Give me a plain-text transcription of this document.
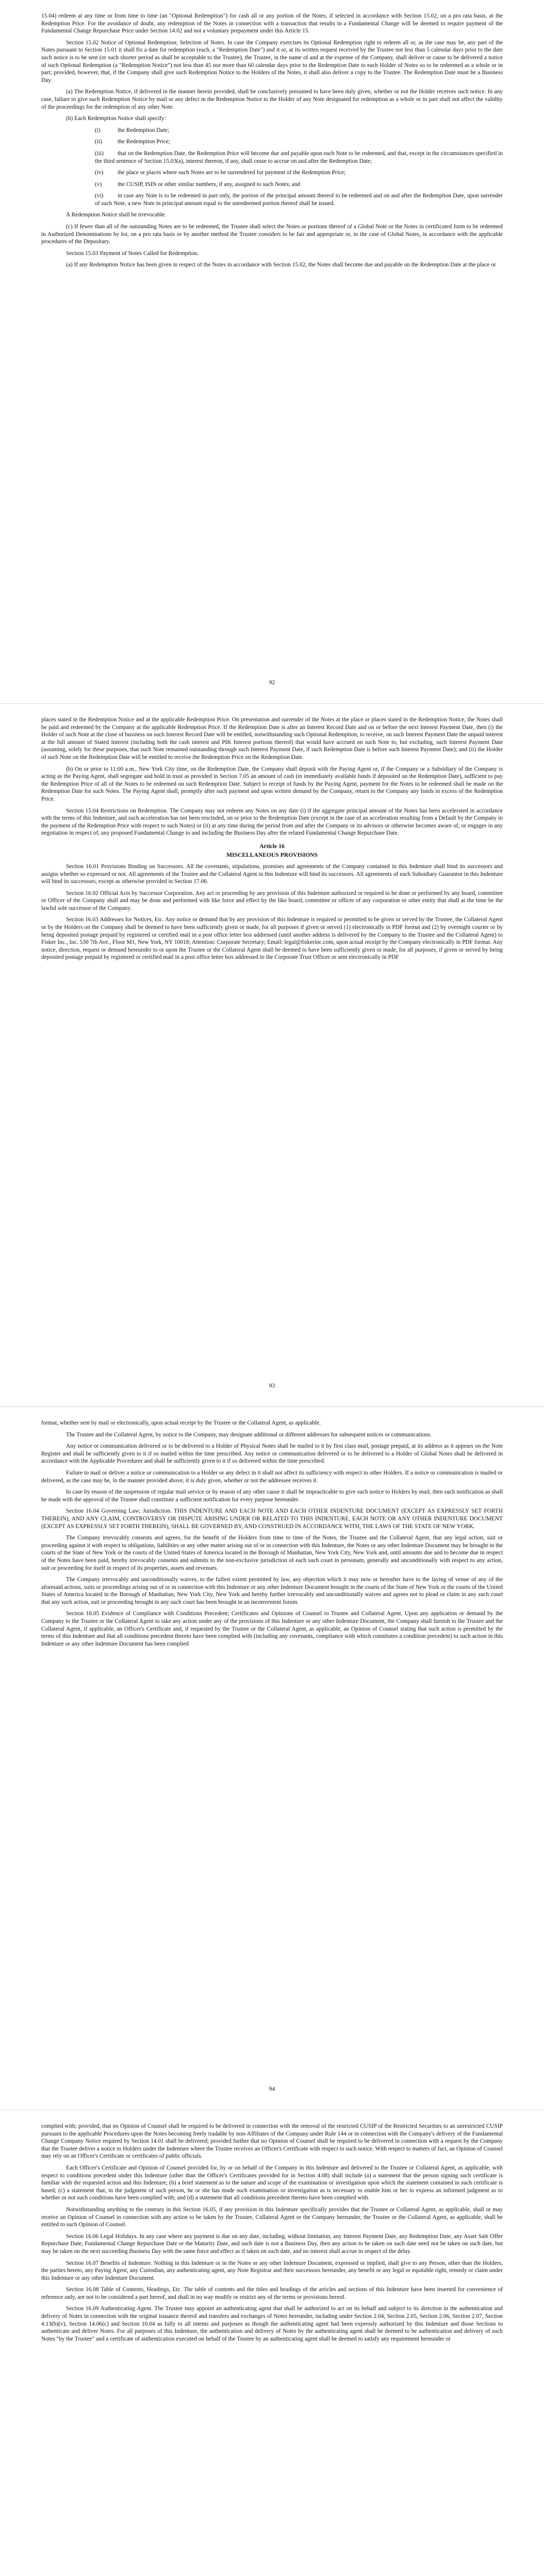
15.04) redeem at any time or from time to time (an "Optional Redemption") for cash all or any portion of the Notes, if selected in accordance with Section 15.02, on a pro rata basis, at the Redemption Price. For the avoidance of doubt, any redemption of the Notes in connection with a transaction that results in a Fundamental Change will be deemed to require payment of the Fundamental Change Repurchase Price under Section 14.02 and not a voluntary prepayment under this Article 15.

Section 15.02 Notice of Optional Redemption; Selection of Notes. In case the Company exercises its Optional Redemption right to redeem all or, as the case may be, any part of the Notes pursuant to Section 15.01 it shall fix a date for redemption (each, a "Redemption Date") and it or, at its written request received by the Trustee not less than 5 calendar days prior to the date such notice is to be sent (or such shorter period as shall be acceptable to the Trustee), the Trustee, in the name of and at the expense of the Company, shall deliver or cause to be delivered a notice of such Optional Redemption (a "Redemption Notice") not less than 45 nor more than 60 calendar days prior to the Redemption Date to each Holder of Notes so to be redeemed as a whole or in part; provided, however, that, if the Company shall give such Redemption Notice to the Holders of the Notes, it shall also deliver a copy to the Trustee. The Redemption Date must be a Business Day.

(a) The Redemption Notice, if delivered in the manner herein provided, shall be conclusively presumed to have been duly given, whether or not the Holder receives such notice. In any case, failure to give such Redemption Notice by mail or any defect in the Redemption Notice to the Holder of any Note designated for redemption as a whole or in part shall not affect the validity of the proceedings for the redemption of any other Note.

(b) Each Redemption Notice shall specify:

(i)	the Redemption Date;

(ii)	the Redemption Price;

(iii) that on the Redemption Date, the Redemption Price will become due and payable upon each Note to be redeemed, and that, except in the circumstances specified in the third sentence of Section 15.03(a), interest thereon, if any, shall cease to accrue on and after the Redemption Date;

(iv) the place or places where such Notes are to be surrendered for payment of the Redemption Price;

(v)	the CUSIP, ISIN or other similar numbers, if any, assigned to such Notes; and

(vi) in case any Note is to be redeemed in part only, the portion of the principal amount thereof to be redeemed and on and after the Redemption Date, upon surrender of such Note, a new Note in principal amount equal to the unredeemed portion thereof shall be issued.

A Redemption Notice shall be irrevocable.

(c) If fewer than all of the outstanding Notes are to be redeemed, the Trustee shall select the Notes or portions thereof of a Global Note or the Notes in certificated form to be redeemed in Authorized Denominations by lot, on a pro rata basis or by another method the Trustee considers to be fair and appropriate or, in the case of Global Notes, in accordance with the applicable procedures of the Depositary.

Section 15.03 Payment of Notes Called for Redemption.

(a) If any Redemption Notice has been given in respect of the Notes in accordance with Section 15.02, the Notes shall become due and payable on the Redemption Date at the place or

92

places stated in the Redemption Notice and at the applicable Redemption Price. On presentation and surrender of the Notes at the place or places stated in the Redemption Notice, the Notes shall be paid and redeemed by the Company at the applicable Redemption Price. If the Redemption Date is after an Interest Record Date and on or before the next Interest Payment Date, then (i) the Holder of such Note at the close of business on such Interest Record Date will be entitled, notwithstanding such Optional Redemption, to receive, on such Interest Payment Date the unpaid interest at the full amount of Stated Interest (including both the cash interest and PIK Interest portions thereof) that would have accrued on such Note to, but excluding, such Interest Payment Date (assuming, solely for these purposes, that such Note remained outstanding through such Interest Payment Date, if such Redemption Date is before such Interest Payment Date); and (ii) the Holder of such Note on the Redemption Date will be entitled to receive the Redemption Price on the Redemption Date.

(b) On or prior to 11:00 a.m., New York City time, on the Redemption Date, the Company shall deposit with the Paying Agent or, if the Company or a Subsidiary of the Company is acting as the Paying Agent, shall segregate and hold in trust as provided in Section 7.05 an amount of cash (in immediately available funds if deposited on the Redemption Date), sufficient to pay the Redemption Price of all of the Notes to be redeemed on such Redemption Date. Subject to receipt of funds by the Paying Agent, payment for the Notes to be redeemed shall be made on the Redemption Date for such Notes. The Paying Agent shall, promptly after such payment and upon written demand by the Company, return to the Company any funds in excess of the Redemption Price.

Section 15.04 Restrictions on Redemption. The Company may not redeem any Notes on any date (i) if the aggregate principal amount of the Notes has been accelerated in accordance with the terms of this Indenture, and such acceleration has not been rescinded, on or prior to the Redemption Date (except in the case of an acceleration resulting from a Default by the Company in the payment of the Redemption Price with respect to such Notes) or (ii) at any time during the period from and after the Company or its advisors or otherwise becomes aware of, or engages in any negotiation in respect of, any proposed Fundamental Change to and including the Business Day after the related Fundamental Change Repurchase Date.

Article 16
MISCELLANEOUS PROVISIONS

Section 16.01 Provisions Binding on Successors. All the covenants, stipulations, promises and agreements of the Company contained in this Indenture shall bind its successors and assigns whether so expressed or not. All agreements of the Trustee and the Collateral Agent in this Indenture will bind its successors. All agreements of each Subsidiary Guarantor in this Indenture will bind its successors, except as otherwise provided in Section 17.06.

Section 16.02 Official Acts by Successor Corporation. Any act or proceeding by any provision of this Indenture authorized or required to be done or performed by any board, committee or Officer of the Company shall and may be done and performed with like force and effect by the like board, committee or officer of any corporation or other entity that shall at the time be the lawful sole successor of the Company.

Section 16.03 Addresses for Notices, Etc. Any notice or demand that by any provision of this Indenture is required or permitted to be given or served by the Trustee, the Collateral Agent or by the Holders on the Company shall be deemed to have been sufficiently given or made, for all purposes if given or served (1) electronically in PDF format and (2) by overnight courier or by being deposited postage prepaid by registered or certified mail in a post office letter box addressed (until another address is delivered by the Company to the Trustee and the Collateral Agent) to Fisker Inc., Inc. 530 7th Ave., Floor M1, New York, NY 10018; Attention: Corporate Secretary; Email: legal@fiskerinc.com, upon actual receipt by the Company electronically in PDF format. Any notice, direction, request or demand hereunder to or upon the Trustee or the Collateral Agent shall be deemed to have been sufficiently given or made, for all purposes, if given or served by being deposited postage prepaid by registered or certified mail in a post office letter box addressed to the Corporate Trust Officer or sent electronically in PDF

93

format, whether sent by mail or electronically, upon actual receipt by the Trustee or the Collateral Agent, as applicable.

The Trustee and the Collateral Agent, by notice to the Company, may designate additional or different addresses for subsequent notices or communications.

Any notice or communication delivered or to be delivered to a Holder of Physical Notes shall be mailed to it by first class mail, postage prepaid, at its address as it appears on the Note Register and shall be sufficiently given to it if so mailed within the time prescribed. Any notice or communication delivered or to be delivered to a Holder of Global Notes shall be delivered in accordance with the Applicable Procedures and shall be sufficiently given to it if so delivered within the time prescribed.

Failure to mail or deliver a notice or communication to a Holder or any defect in it shall not affect its sufficiency with respect to other Holders. If a notice or communication is mailed or delivered, as the case may be, in the manner provided above, it is duly given, whether or not the addressee receives it.

In case by reason of the suspension of regular mail service or by reason of any other cause it shall be impracticable to give such notice to Holders by mail, then such notification as shall be made with the approval of the Trustee shall constitute a sufficient notification for every purpose hereunder.

Section 16.04 Governing Law; Jurisdiction. THIS INDENTURE AND EACH NOTE AND EACH OTHER INDENTURE DOCUMENT (EXCEPT AS EXPRESSLY SET FORTH THEREIN), AND ANY CLAIM, CONTROVERSY OR DISPUTE ARISING UNDER OR RELATED TO THIS INDENTURE, EACH NOTE OR ANY OTHER INDENTURE DOCUMENT (EXCEPT AS EXPRESSLY SET FORTH THEREIN), SHALL BE GOVERNED BY, AND CONSTRUED IN ACCORDANCE WITH, THE LAWS OF THE STATE OF NEW YORK.

The Company irrevocably consents and agrees, for the benefit of the Holders from time to time of the Notes, the Trustee and the Collateral Agent, that any legal action, suit or proceeding against it with respect to obligations, liabilities or any other matter arising out of or in connection with this Indenture, the Notes or any other Indenture Document may be brought in the courts of the State of New York or the courts of the United States of America located in the Borough of Manhattan, New York City, New York and, until amounts due and to become due in respect of the Notes have been paid, hereby irrevocably consents and submits to the non-exclusive jurisdiction of each such court in personam, generally and unconditionally with respect to any action, suit or proceeding for itself in respect of its properties, assets and revenues.

The Company irrevocably and unconditionally waives, to the fullest extent permitted by law, any objection which it may now or hereafter have to the laying of venue of any of the aforesaid actions, suits or proceedings arising out of or in connection with this Indenture or any other Indenture Document brought in the courts of the State of New York or the courts of the United States of America located in the Borough of Manhattan, New York City, New York and hereby further irrevocably and unconditionally waives and agrees not to plead or claim in any such court that any such action, suit or proceeding brought in any such court has been brought in an inconvenient forum.

Section 16.05 Evidence of Compliance with Conditions Precedent; Certificates and Opinions of Counsel to Trustee and Collateral Agent. Upon any application or demand by the Company to the Trustee or the Collateral Agent to take any action under any of the provisions of this Indenture or any other Indenture Document, the Company shall furnish to the Trustee and the Collateral Agent, if applicable, an Officer's Certificate and, if requested by the Trustee or the Collateral Agent, as applicable, an Opinion of Counsel stating that such action is permitted by the terms of this Indenture and that all conditions precedent thereto have been complied with (including any covenants, compliance with which constitutes a condition precedent) to such action in this Indenture or any other Indenture Document has been complied

94

complied with; provided, that no Opinion of Counsel shall be required to be delivered in connection with the removal of the restricted CUSIP of the Restricted Securities to an unrestricted CUSIP pursuant to the applicable Procedures upon the Notes becoming freely tradable by non-Affiliates of the Company under Rule 144 or in connection with the Company's delivery of the Fundamental Change Company Notice required by Section 14.01 shall be delivered; provided further that no Opinion of Counsel shall be required to be delivered in connection with a request by the Company that the Trustee deliver a notice to Holders under the Indenture where the Trustee receives an Officer's Certificate with respect to such notice. With respect to matters of fact, an Opinion of Counsel may rely on an Officer's Certificate or certificates of public officials.

Each Officer's Certificate and Opinion of Counsel provided for, by or on behalf of the Company in this Indenture and delivered to the Trustee or Collateral Agent, as applicable, with respect to conditions precedent under this Indenture (other than the Officer's Certificates provided for in Section 4.08) shall include (a) a statement that the person signing such certificate is familiar with the requested action and this Indenture; (b) a brief statement as to the nature and scope of the examination or investigation upon which the statement contained in such certificate is based; (c) a statement that, in the judgment of such person, he or she has made such examination or investigation as is necessary to enable him or her to express an informed judgment as to whether or not such conditions have been complied with; and (d) a statement that all conditions precedent thereto have been complied with.

Notwithstanding anything to the contrary in this Section 16.05, if any provision in this Indenture specifically provides that the Trustee or Collateral Agent, as applicable, shall or may receive an Opinion of Counsel in connection with any action to be taken by the Trustee, Collateral Agent or the Company hereunder, the Trustee or the Collateral Agent, as applicable, shall be entitled to such Opinion of Counsel.

Section 16.06 Legal Holidays. In any case where any payment is due on any date, including, without limitation, any Interest Payment Date, any Redemption Date, any Asset Sale Offer Repurchase Date, Fundamental Change Repurchase Date or the Maturity Date, and such date is not a Business Day, then any action to be taken on such date need not be taken on such date, but may be taken on the next succeeding Business Day with the same force and effect as if taken on such date, and no interest shall accrue in respect of the delay.

Section 16.07 Benefits of Indenture. Nothing in this Indenture or in the Notes or any other Indenture Document, expressed or implied, shall give to any Person, other than the Holders, the parties hereto, any Paying Agent, any Custodian, any authenticating agent, any Note Registrar and their successors hereunder, any benefit or any legal or equitable right, remedy or claim under this Indenture or any other Indenture Document.

Section 16.08 Table of Contents, Headings, Etc. The table of contents and the titles and headings of the articles and sections of this Indenture have been inserted for convenience of reference only, are not to be considered a part hereof, and shall in no way modify or restrict any of the terms or provisions hereof.

Section 16.09 Authenticating Agent. The Trustee may appoint an authenticating agent that shall be authorized to act on its behalf and subject to its direction in the authentication and delivery of Notes in connection with the original issuance thereof and transfers and exchanges of Notes hereunder, including under Section 2.04, Section 2.05, Section 2.06, Section 2.07, Section 4.13(b)(v), Section 14.06(c) and Section 10.04 as fully to all intents and purposes as though the authenticating agent had been expressly authorized by this Indenture and those Sections to authenticate and deliver Notes. For all purposes of this Indenture, the authentication and delivery of Notes by the authenticating agent shall be deemed to be authentication and delivery of such Notes "by the Trustee" and a certificate of authentication executed on behalf of the Trustee by an authenticating agent shall be deemed to satisfy any requirement hereunder or
